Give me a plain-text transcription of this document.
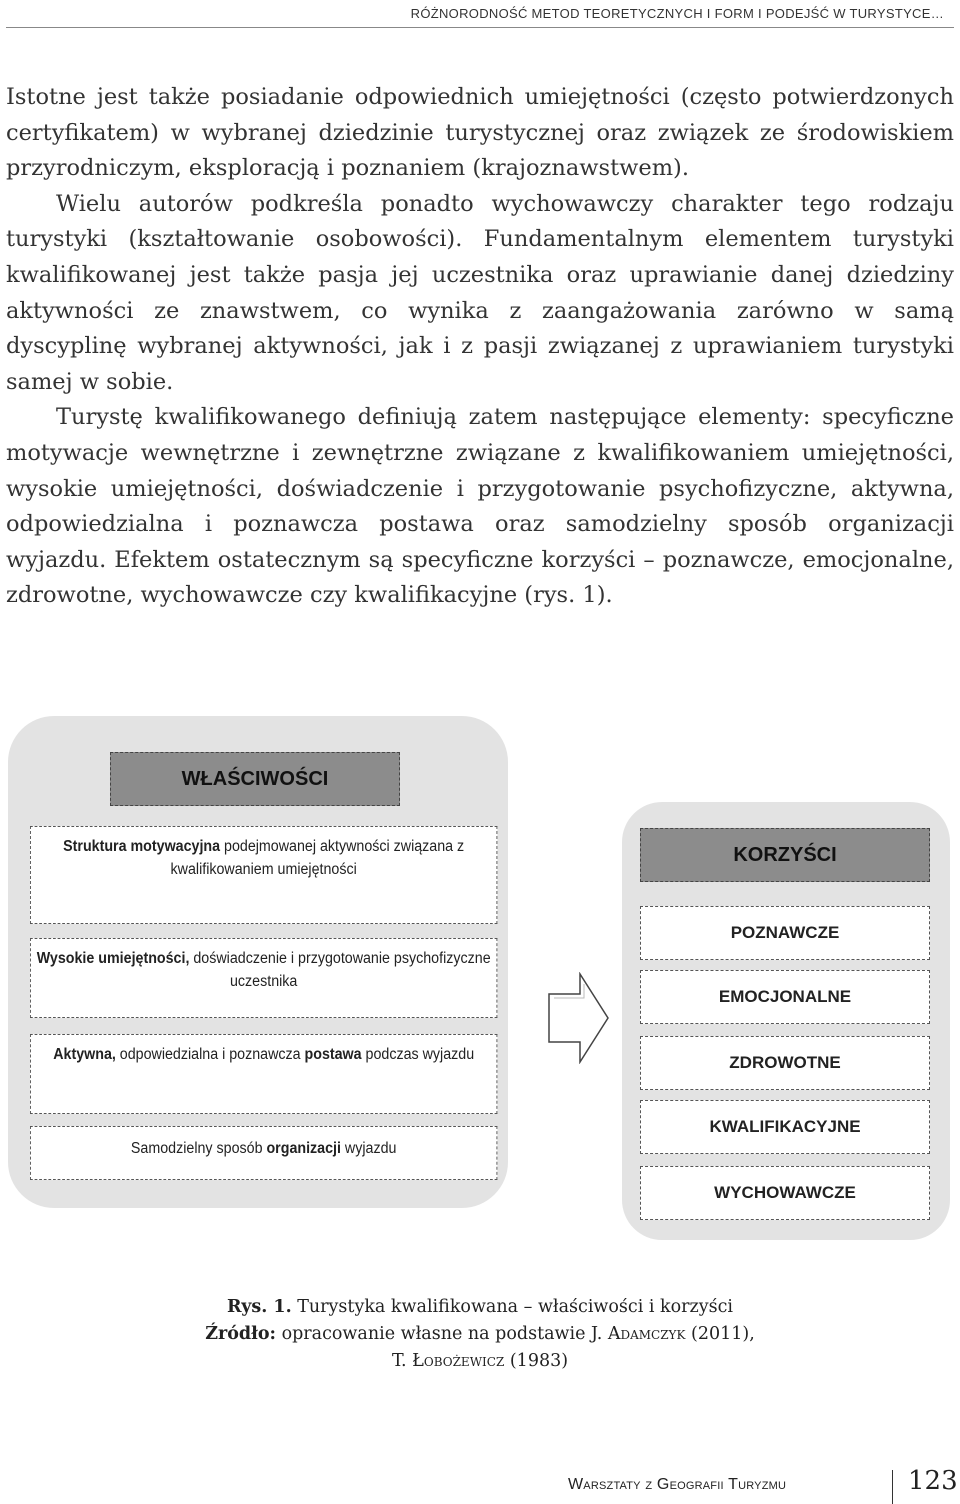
RÓŻNORODNOŚĆ METOD TEORETYCZNYCH I FORM I PODEJŚĆ W TURYSTYCE…

Istotne jest także posiadanie odpowiednich umiejętności (często potwierdzonych certyfikatem) w wybranej dziedzinie turystycznej oraz związek ze środowiskiem przyrodniczym, eksploracją i poznaniem (krajoznawstwem).

Wielu autorów podkreśla ponadto wychowawczy charakter tego rodzaju turystyki (kształtowanie osobowości). Fundamentalnym elementem turystyki kwalifikowanej jest także pasja jej uczestnika oraz uprawianie danej dziedziny aktywności ze znawstwem, co wynika z zaangażowania zarówno w samą dyscyplinę wybranej aktywności, jak i z pasji związanej z uprawianiem turystyki samej w sobie.

Turystę kwalifikowanego definiują zatem następujące elementy: specyficzne motywacje wewnętrzne i zewnętrzne związane z kwalifikowaniem umiejętności, wysokie umiejętności, doświadczenie i przygotowanie psychofizyczne, aktywna, odpowiedzialna i poznawcza postawa oraz samodzielny sposób organizacji wyjazdu. Efektem ostatecznym są specyficzne korzyści – poznawcze, emocjonalne, zdrowotne, wychowawcze czy kwalifikacyjne (rys. 1).

WŁAŚCIWOŚCI
Struktura motywacyjna podejmowanej aktywności związana z kwalifikowaniem umiejętności
Wysokie umiejętności, doświadczenie i przygotowanie psychofizyczne uczestnika
Aktywna, odpowiedzialna i poznawcza postawa podczas wyjazdu
Samodzielny sposób organizacji wyjazdu
KORZYŚCI
POZNAWCZE
EMOCJONALNE
ZDROWOTNE
KWALIFIKACYJNE
WYCHOWAWCZE
Rys. 1. Turystyka kwalifikowana – właściwości i korzyści
Źródło: opracowanie własne na podstawie J. Adamczyk (2011),
T. Łobożewicz (1983)
Warsztaty z Geografii Turyzmu	123
